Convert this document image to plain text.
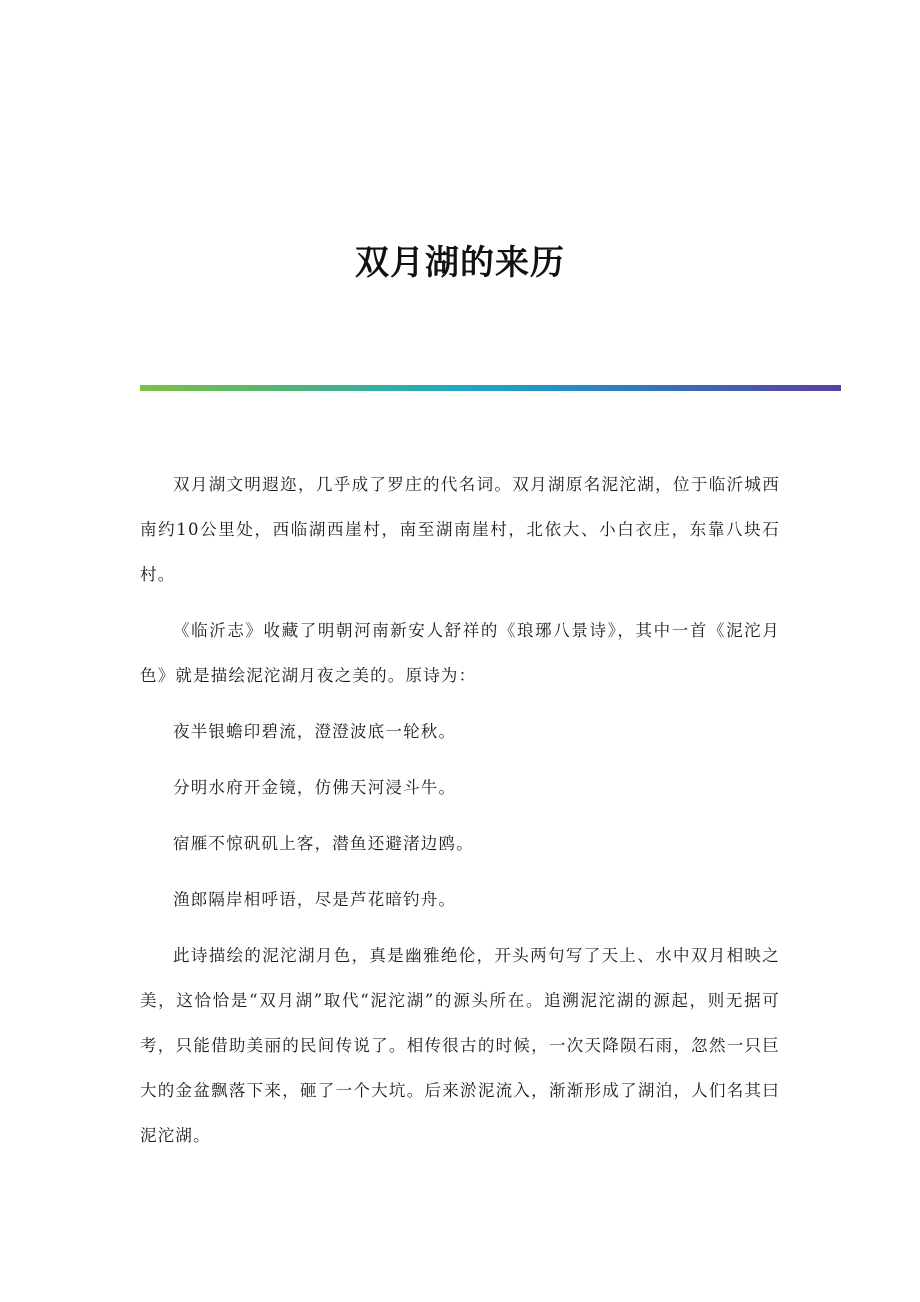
双月湖的来历

双月湖文明遐迩，几乎成了罗庄的代名词。双月湖原名泥沱湖，位于临沂城西南约10公里处，西临湖西崖村，南至湖南崖村，北依大、小白衣庄，东靠八块石村。

《临沂志》收藏了明朝河南新安人舒祥的《琅琊八景诗》，其中一首《泥沱月色》就是描绘泥沱湖月夜之美的。原诗为：

夜半银蟾印碧流，澄澄波底一轮秋。

分明水府开金镜，仿佛天河浸斗牛。

宿雁不惊矾矶上客，潜鱼还避渚边鸥。

渔郎隔岸相呼语，尽是芦花暗钓舟。

此诗描绘的泥沱湖月色，真是幽雅绝伦，开头两句写了天上、水中双月相映之美，这恰恰是“双月湖”取代“泥沱湖”的源头所在。追溯泥沱湖的源起，则无据可考，只能借助美丽的民间传说了。相传很古的时候，一次天降陨石雨，忽然一只巨大的金盆飘落下来，砸了一个大坑。后来淤泥流入，渐渐形成了湖泊，人们名其曰泥沱湖。
